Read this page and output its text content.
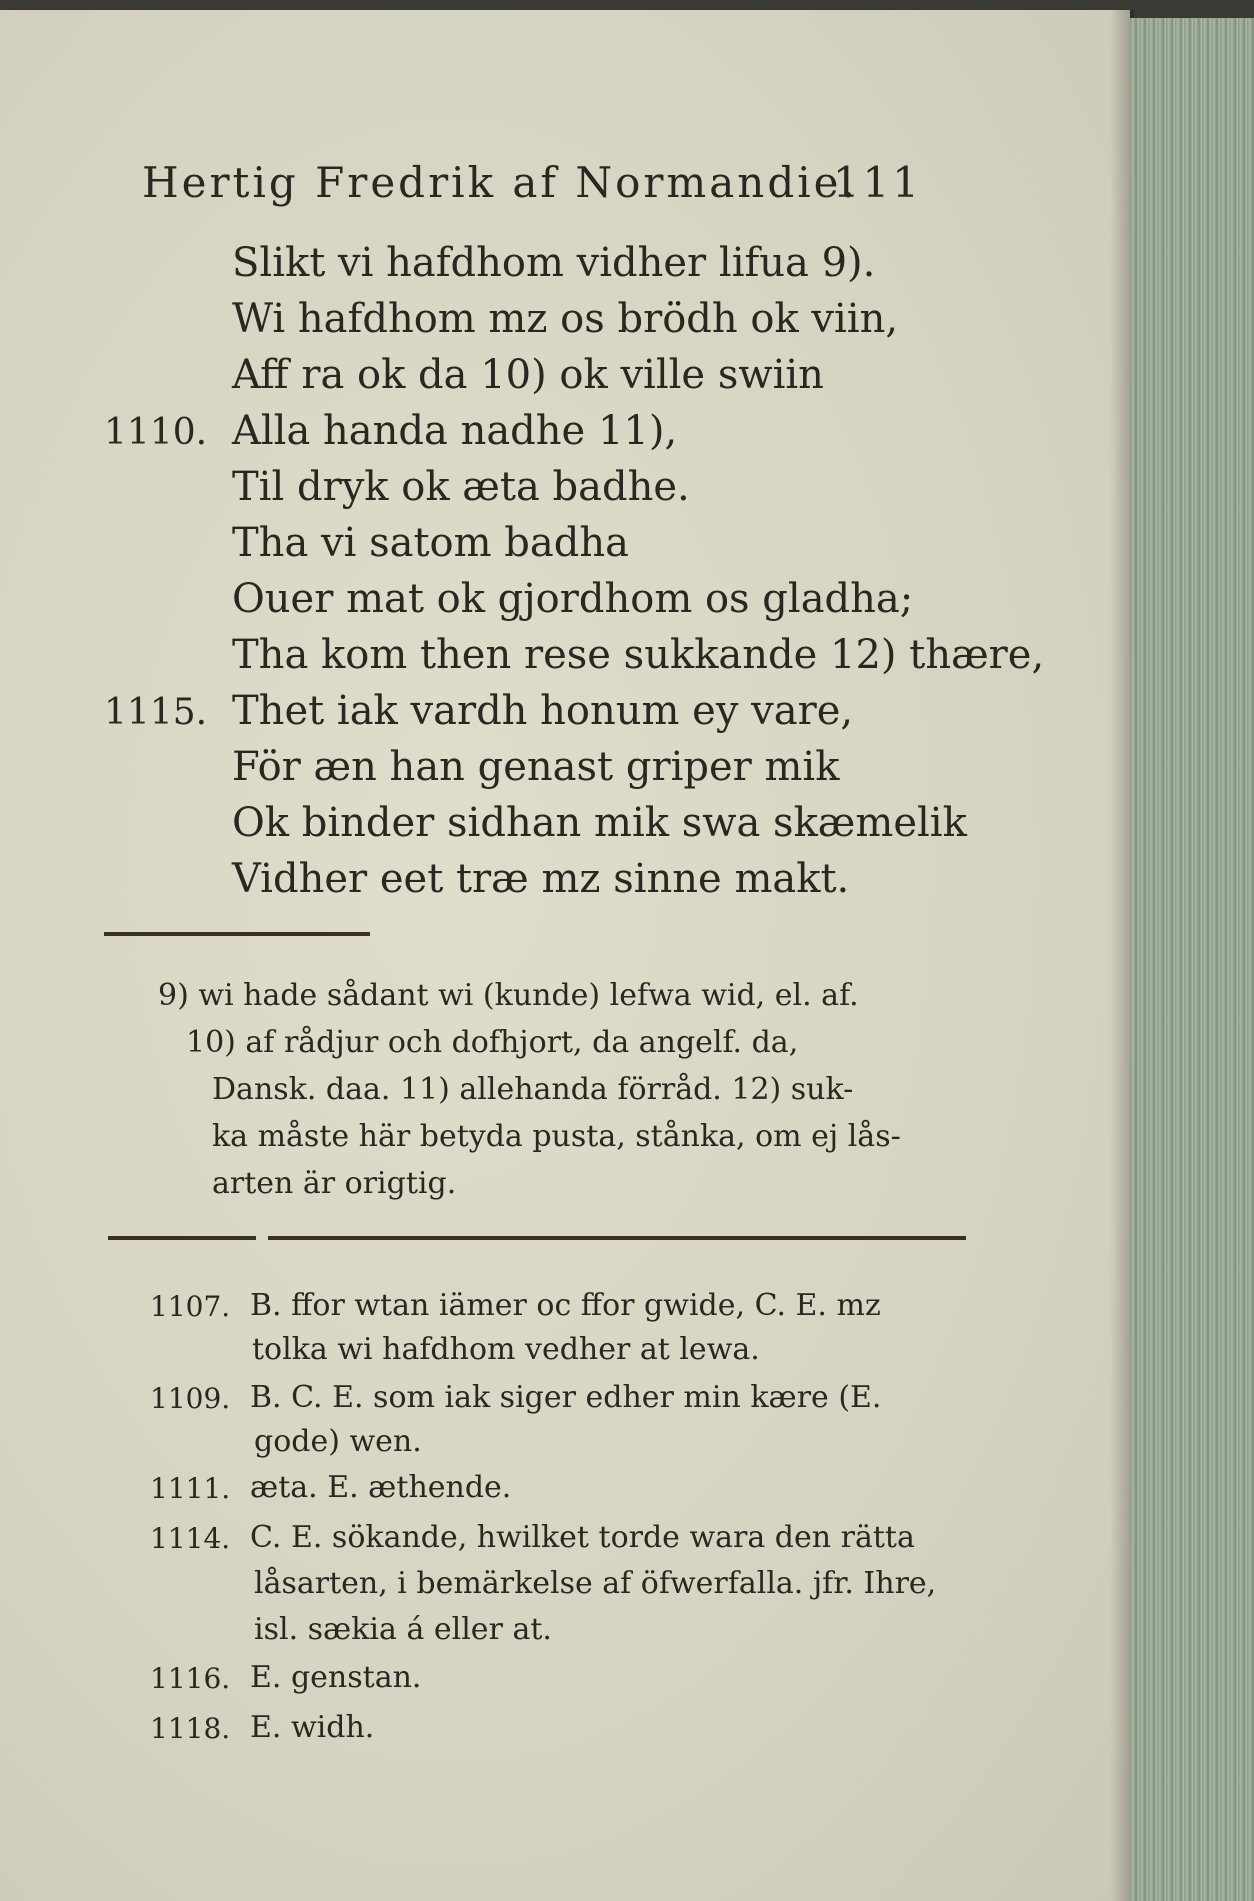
Hertig Fredrik af Normandie.
111
Slikt vi hafdhom vidher lifua 9).
Wi hafdhom mz os brödh ok viin,
Aff ra ok da 10) ok ville swiin
1110. Alla handa nadhe 11),
Til dryk ok æta badhe.
Tha vi satom badha
Ouer mat ok gjordhom os gladha;
Tha kom then rese sukkande 12) thære,
1115. Thet iak vardh honum ey vare,
För æn han genast griper mik
Ok binder sidhan mik swa skæmelik
Vidher eet træ mz sinne makt.
9) wi hade sådant wi (kunde) lefwa wid, el. af.
10) af rådjur och dofhjort, da angelf. da,
Dansk. daa. 11) allehanda förråd. 12) suk-
ka måste här betyda pusta, stånka, om ej lås-
arten är origtig.
1107. B. ffor wtan iämer oc ffor gwide, C. E. mz
tolka wi hafdhom vedher at lewa.
1109. B. C. E. som iak siger edher min kære (E.
gode) wen.
1111. æta. E. æthende.
1114. C. E. sökande, hwilket torde wara den rätta
låsarten, i bemärkelse af öfwerfalla. jfr. Ihre,
isl. sækia á eller at.
1116. E. genstan.
1118. E. widh.
